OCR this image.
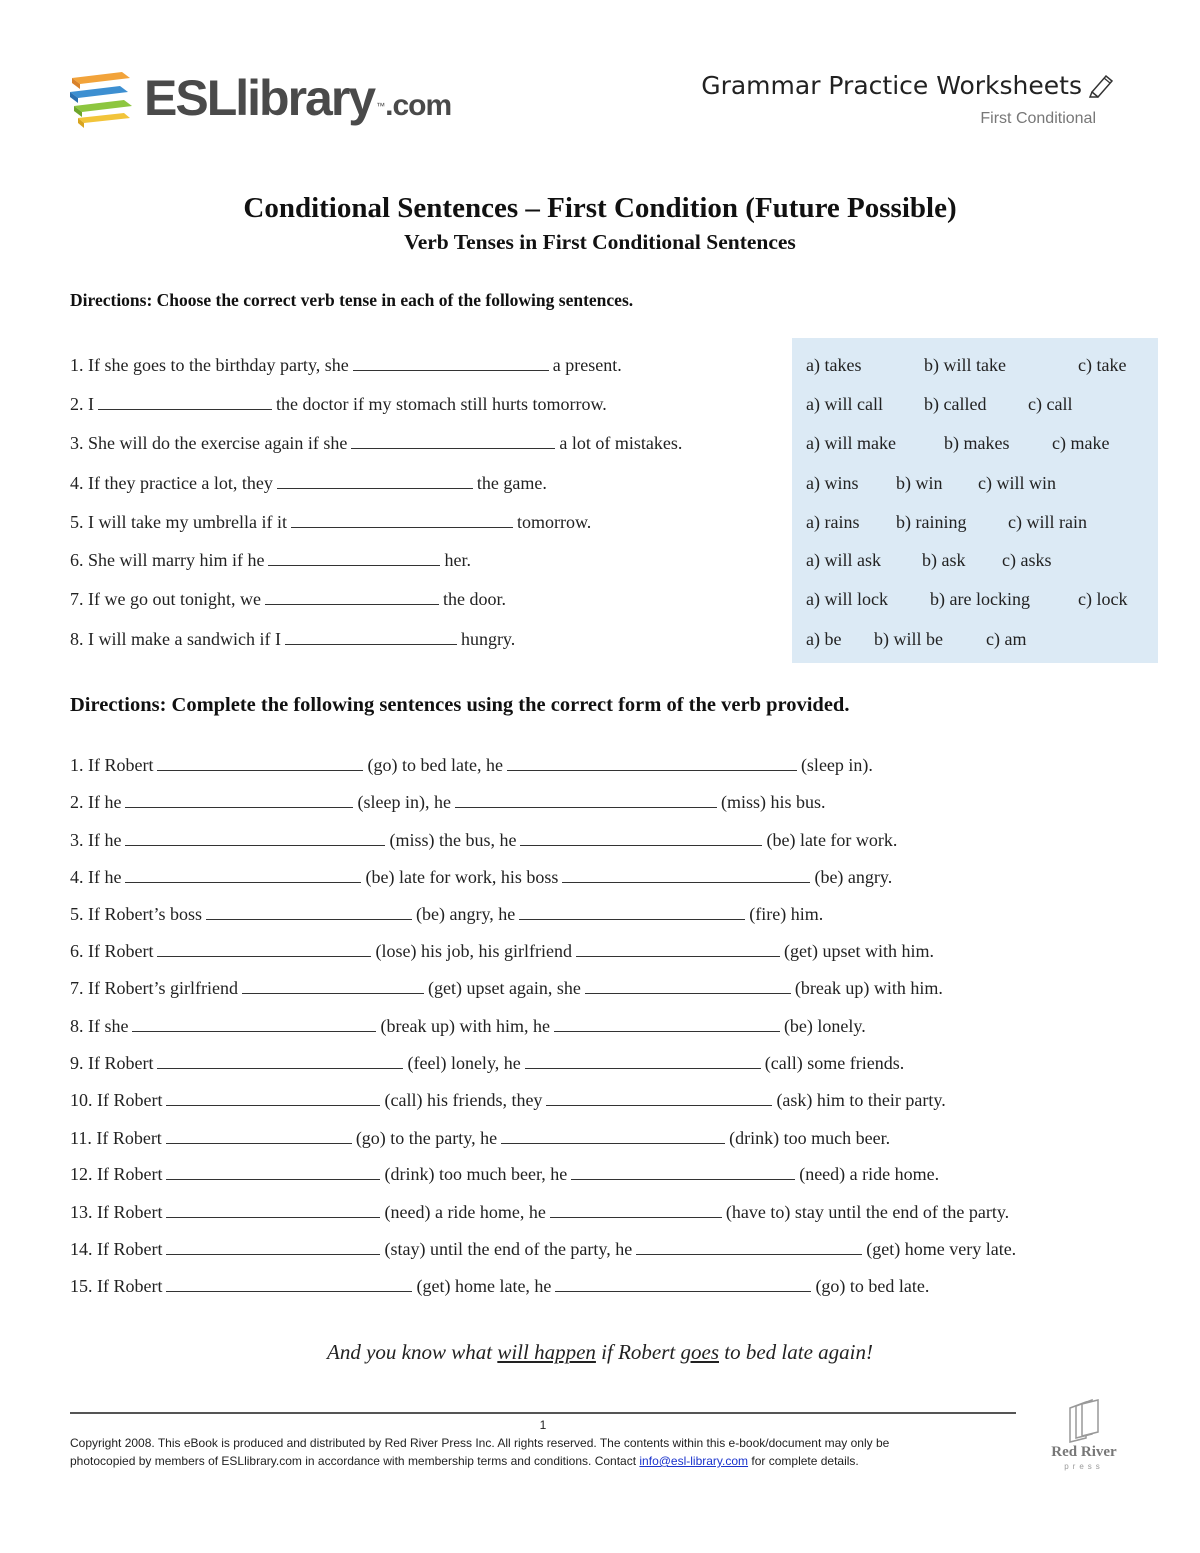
ESLlibrary ™.com
Grammar Practice Worksheets
First Conditional
Conditional Sentences – First Condition (Future Possible)
Verb Tenses in First Conditional Sentences
Directions: Choose the correct verb tense in each of the following sentences.
1. If she goes to the birthday party, she	a present.	a) takes	b) will take	c) take
2. I	the doctor if my stomach still hurts tomorrow.	a) will call b) called c) call
3. She will do the exercise again if she	a lot of mistakes.	a) will make	b) makes c) make
4. If they practice a lot, they	the game.	a) wins b) win c) will win
5. I will take my umbrella if it	tomorrow.	a) rains b) raining c) will rain
6. She will marry him if he	her.	a) will ask b) ask c) asks
7. If we go out tonight, we	the door.	a) will lock b) are locking	c) lock
8. I will make a sandwich if I	hungry.	a) be b) will be c) am
Directions: Complete the following sentences using the correct form of the verb provided.
1. If Robert	(go) to bed late, he	(sleep in).
2. If he	(sleep in), he	(miss) his bus.
3. If he	(miss) the bus, he	(be) late for work.
4. If he	(be) late for work, his boss	(be) angry.
5. If Robert’s boss	(be) angry, he	(fire) him.
6. If Robert	(lose) his job, his girlfriend	(get) upset with him.
7. If Robert’s girlfriend	(get) upset again, she	(break up) with him.
8. If she	(break up) with him, he	(be) lonely.
9. If Robert	(feel) lonely, he	(call) some friends.
10. If Robert	(call) his friends, they	(ask) him to their party.
11. If Robert	(go) to the party, he	(drink) too much beer.
12. If Robert	(drink) too much beer, he	(need) a ride home.
13. If Robert	(need) a ride home, he	(have to) stay until the end of the party.
14. If Robert	(stay) until the end of the party, he	(get) home very late.
15. If Robert	(get) home late, he	(go) to bed late.
And you know what will happen if Robert goes to bed late again!
1
Copyright 2008. This eBook is produced and distributed by Red River Press Inc. All rights reserved. The contents within this e-book/document may only be
photocopied by members of ESLlibrary.com in accordance with membership terms and conditions. Contact info@esl-library.com for complete details.
Red River
press
